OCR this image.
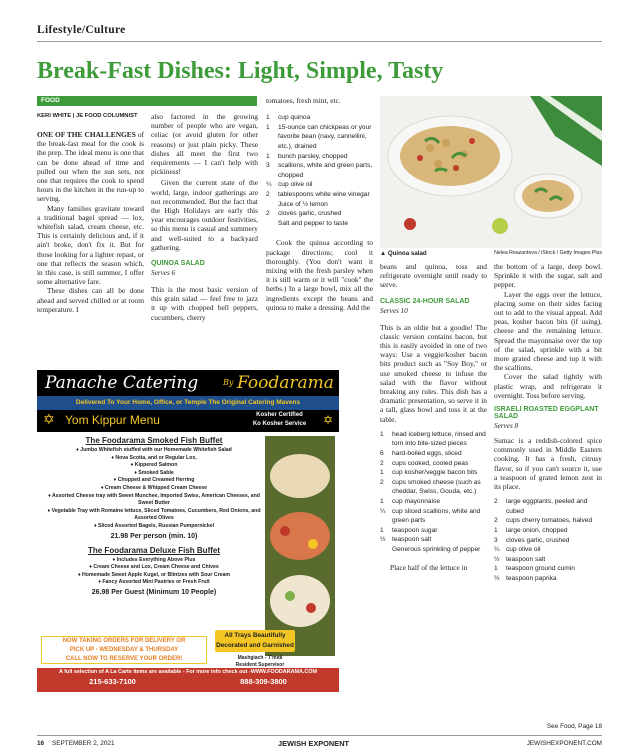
Lifestyle/Culture
Break-Fast Dishes: Light, Simple, Tasty
FOOD
KERI WHITE | JE FOOD COLUMNIST

ONE OF THE CHALLENGES of the break-fast meal for the cook is the prep. The ideal menu is one that can be done ahead of time and pulled out when the sun sets, not one that requires the cook to spend hours in the kitchen in the run-up to serving.

Many families gravitate toward a traditional bagel spread — lox, whitefish salad, cream cheese, etc. This is certainly delicious and, if it ain't broke, don't fix it. But for those looking for a lighter repast, or one that reflects the season which, in this case, is still summer, I offer some alternative fare.

These dishes can all be done ahead and served chilled or at room temperature. I

also factored in the growing number of people who are vegan, celiac (or avoid gluten for other reasons) or just plain picky. These dishes all meet the first two requirements — I can't help with pickiness!

Given the current state of the world, large, indoor gatherings are not recommended. But the fact that the High Holidays are early this year encourages outdoor festivities, so this menu is casual and summery and well-suited to a backyard gathering.

QUINOA SALAD
Serves 6
This is the most basic version of this grain salad — feel free to jazz it up with chopped bell peppers, cucumbers, cherry
tomatoes, fresh mint, etc.
1	cup quinoa
1	15-ounce can chickpeas or your favorite bean (navy, cannellini, etc.), drained
1	bunch parsley, chopped
3	scallions, white and green parts, chopped
¼ cup olive oil
2	tablespoons white wine vinegar
Juice of ½ lemon
2	cloves garlic, crushed
Salt and pepper to taste
Cook the quinoa according to package directions; cool it thoroughly. (You don't want it mixing with the fresh parsley when it is still warm or it will "cook" the herbs.) In a large bowl, mix all the ingredients except the beans and quinoa to make a dressing. Add the
▲ Quinoa salad	Nelea Reazanteva / iStock / Getty Images Plus
beans and quinoa, toss and refrigerate overnight until ready to serve.
CLASSIC 24-HOUR SALAD
Serves 10
This is an oldie but a goodie! The classic version contains bacon, but this is easily avoided in one of two ways: Use a veggie/kosher bacon bits product such as "Soy Boy," or use smoked cheese to infuse the salad with the flavor without breaking any rules. This dish has a dramatic presentation, so serve it in a tall, glass bowl and toss it at the table.
1	head iceberg lettuce, rinsed and torn into bite-sized pieces
6	hard-boiled eggs, sliced
2	cups cooked, cooled peas
1	cup kosher/veggie bacon bits
2	cups smoked cheese (such as cheddar, Swiss, Gouda, etc.)
1	cup mayonnaise
¼ cup sliced scallions, white and green parts
1	teaspoon sugar
½ teaspoon salt
Generous sprinkling of pepper
Place half of the lettuce in

the bottom of a large, deep bowl. Sprinkle it with the sugar, salt and pepper.

Layer the eggs over the lettuce, placing some on their sides facing out to add to the visual appeal. Add peas, kosher bacon bits (if using), cheese and the remaining lettuce. Spread the mayonnaise over the top of the salad, sprinkle with a bit more grated cheese and top it with the scallions.

Cover the salad tightly with plastic wrap, and refrigerate it overnight. Toss before serving.

ISRAELI ROASTED EGGPLANT SALAD
Serves 8
Sumac is a reddish-colored spice commonly used in Middle Eastern cooking. It has a fresh, citrusy flavor, so if you can't source it, use a teaspoon of grated lemon zest in its place.
2	large eggplants, peeled and cubed
2	cups cherry tomatoes, halved
1	large onion, chopped
3	cloves garlic, crushed
¼ cup olive oil
½ teaspoon salt
1	teaspoon ground cumin
½ teaspoon paprika
See Food, Page 18
Panache Catering	By Foodarama
Delivered To Your Home, Office, or Temple The Original Catering Mavens
✡ Yom Kippur Menu	Kosher Certified
Ko Kosher Service	✡
The Foodarama Smoked Fish Buffet
♦ Jumbo Whitefish stuffed with our Homemade Whitefish Salad
♦ Nova Scotia, and or Regular Lox,
♦ Kippered Salmon
♦ Smoked Sable
♦ Chopped and Creamed Herring
♦ Cream Cheese & Whipped Cream Cheese
♦ Assorted Cheese tray with Sweet Munchee, Imported Swiss, American Cheeses, and Sweet Butter
♦ Vegetable Tray with Romaine lettuce, Sliced Tomatoes, Cucumbers, Red Onions, and Assorted Olives
♦ Sliced Assorted Bagels, Russian Pumpernickel
21.98 Per person (min. 10)
The Foodarama Deluxe Fish Buffet
♦ Includes Everything Above Plus
♦ Cream Cheese and Lox, Cream Cheese and Chives
♦ Homemade Sweet Apple Kugel, or Blintzes with Sour Cream
♦ Fancy Assorted Mini Pastries or Fresh Fruit
26.98 Per Guest (Minimum 10 People)
NOW TAKING ORDERS FOR DELIVERY OR
PICK UP - WEDNESDAY & THURSDAY
CALL NOW TO RESERVE YOUR ORDER!
All Trays Beautifully
Decorated and Garnished
Mashgiach - T'midi
Resident Supervisor
A full selection of A La Carte items are available - For more info check out -WWW.FOODARAMA.COM
215-633-7100	888-309-3800
16 SEPTEMBER 2, 2021	JEWISH EXPONENT	JEWISHEXPONENT.COM
